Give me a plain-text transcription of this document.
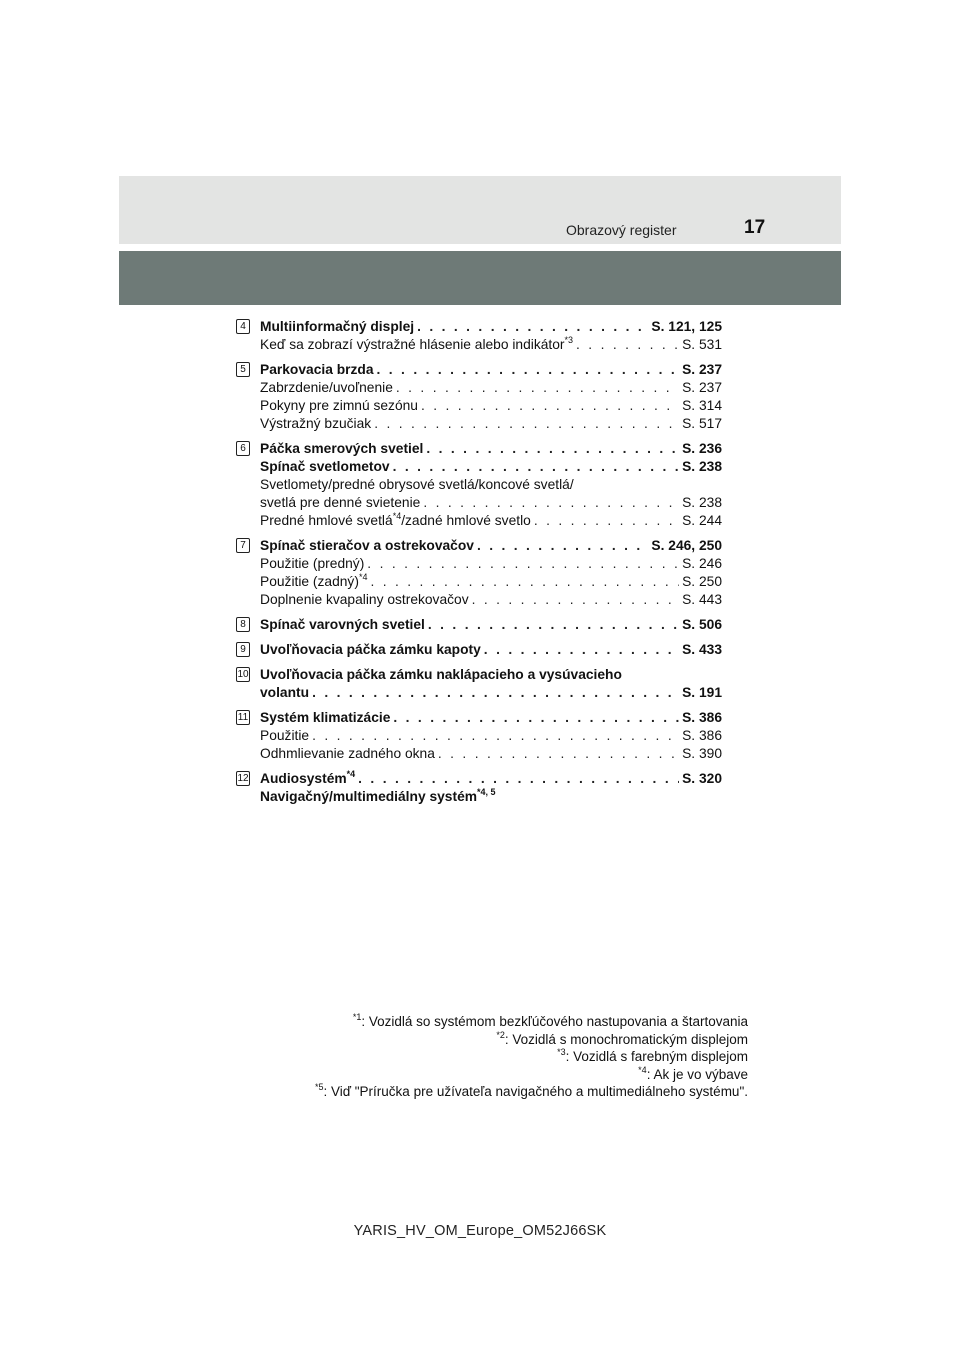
Obrazový register	17
4	Multiinformačný displej . . .	S. 121, 125
Keď sa zobrazí výstražné hlásenie alebo indikátor$^{*3}$ . . .	S. 531
5	Parkovacia brzda . . .	S. 237
Zabrzdenie/uvoľnenie . . .	S. 237
Pokyny pre zimnú sezónu . . .	S. 314
Výstražný bzučiak . . .	S. 517
6	Páčka smerových svetiel . . .	S. 236
Spínač svetlometov . . .	S. 238
Svetlomety/predné obrysové svetlá/koncové svetlá/
svetlá pre denné svietenie . . .	S. 238
Predné hmlové svetlá$^{*4}$/zadné hmlové svetlo . . .	S. 244
7	Spínač stieračov a ostrekovačov . . .	S. 246, 250
Použitie (predný) . . .	S. 246
Použitie (zadný)$^{*4}$ . . .	S. 250
Doplnenie kvapaliny ostrekovačov . . .	S. 443
8	Spínač varovných svetiel . . .	S. 506
9	Uvoľňovacia páčka zámku kapoty . . .	S. 433
10 Uvoľňovacia páčka zámku naklápacieho a vysúvacieho
volantu . . .	S. 191
11 Systém klimatizácie . . .	S. 386
Použitie . . .	S. 386
Odhmlievanie zadného okna . . .	S. 390
12 Audiosystém$^{*4}$ . . .	S. 320
Navigačný/multimediálny systém$^{*4, 5}$
$^{*1}$: Vozidlá so systémom bezkľúčového nastupovania a štartovania
$^{*2}$: Vozidlá s monochromatickým displejom
$^{*3}$: Vozidlá s farebným displejom
$^{*4}$: Ak je vo výbave
$^{*5}$: Viď "Príručka pre užívateľa navigačného a multimediálneho systému".
YARIS_HV_OM_Europe_OM52J66SK
